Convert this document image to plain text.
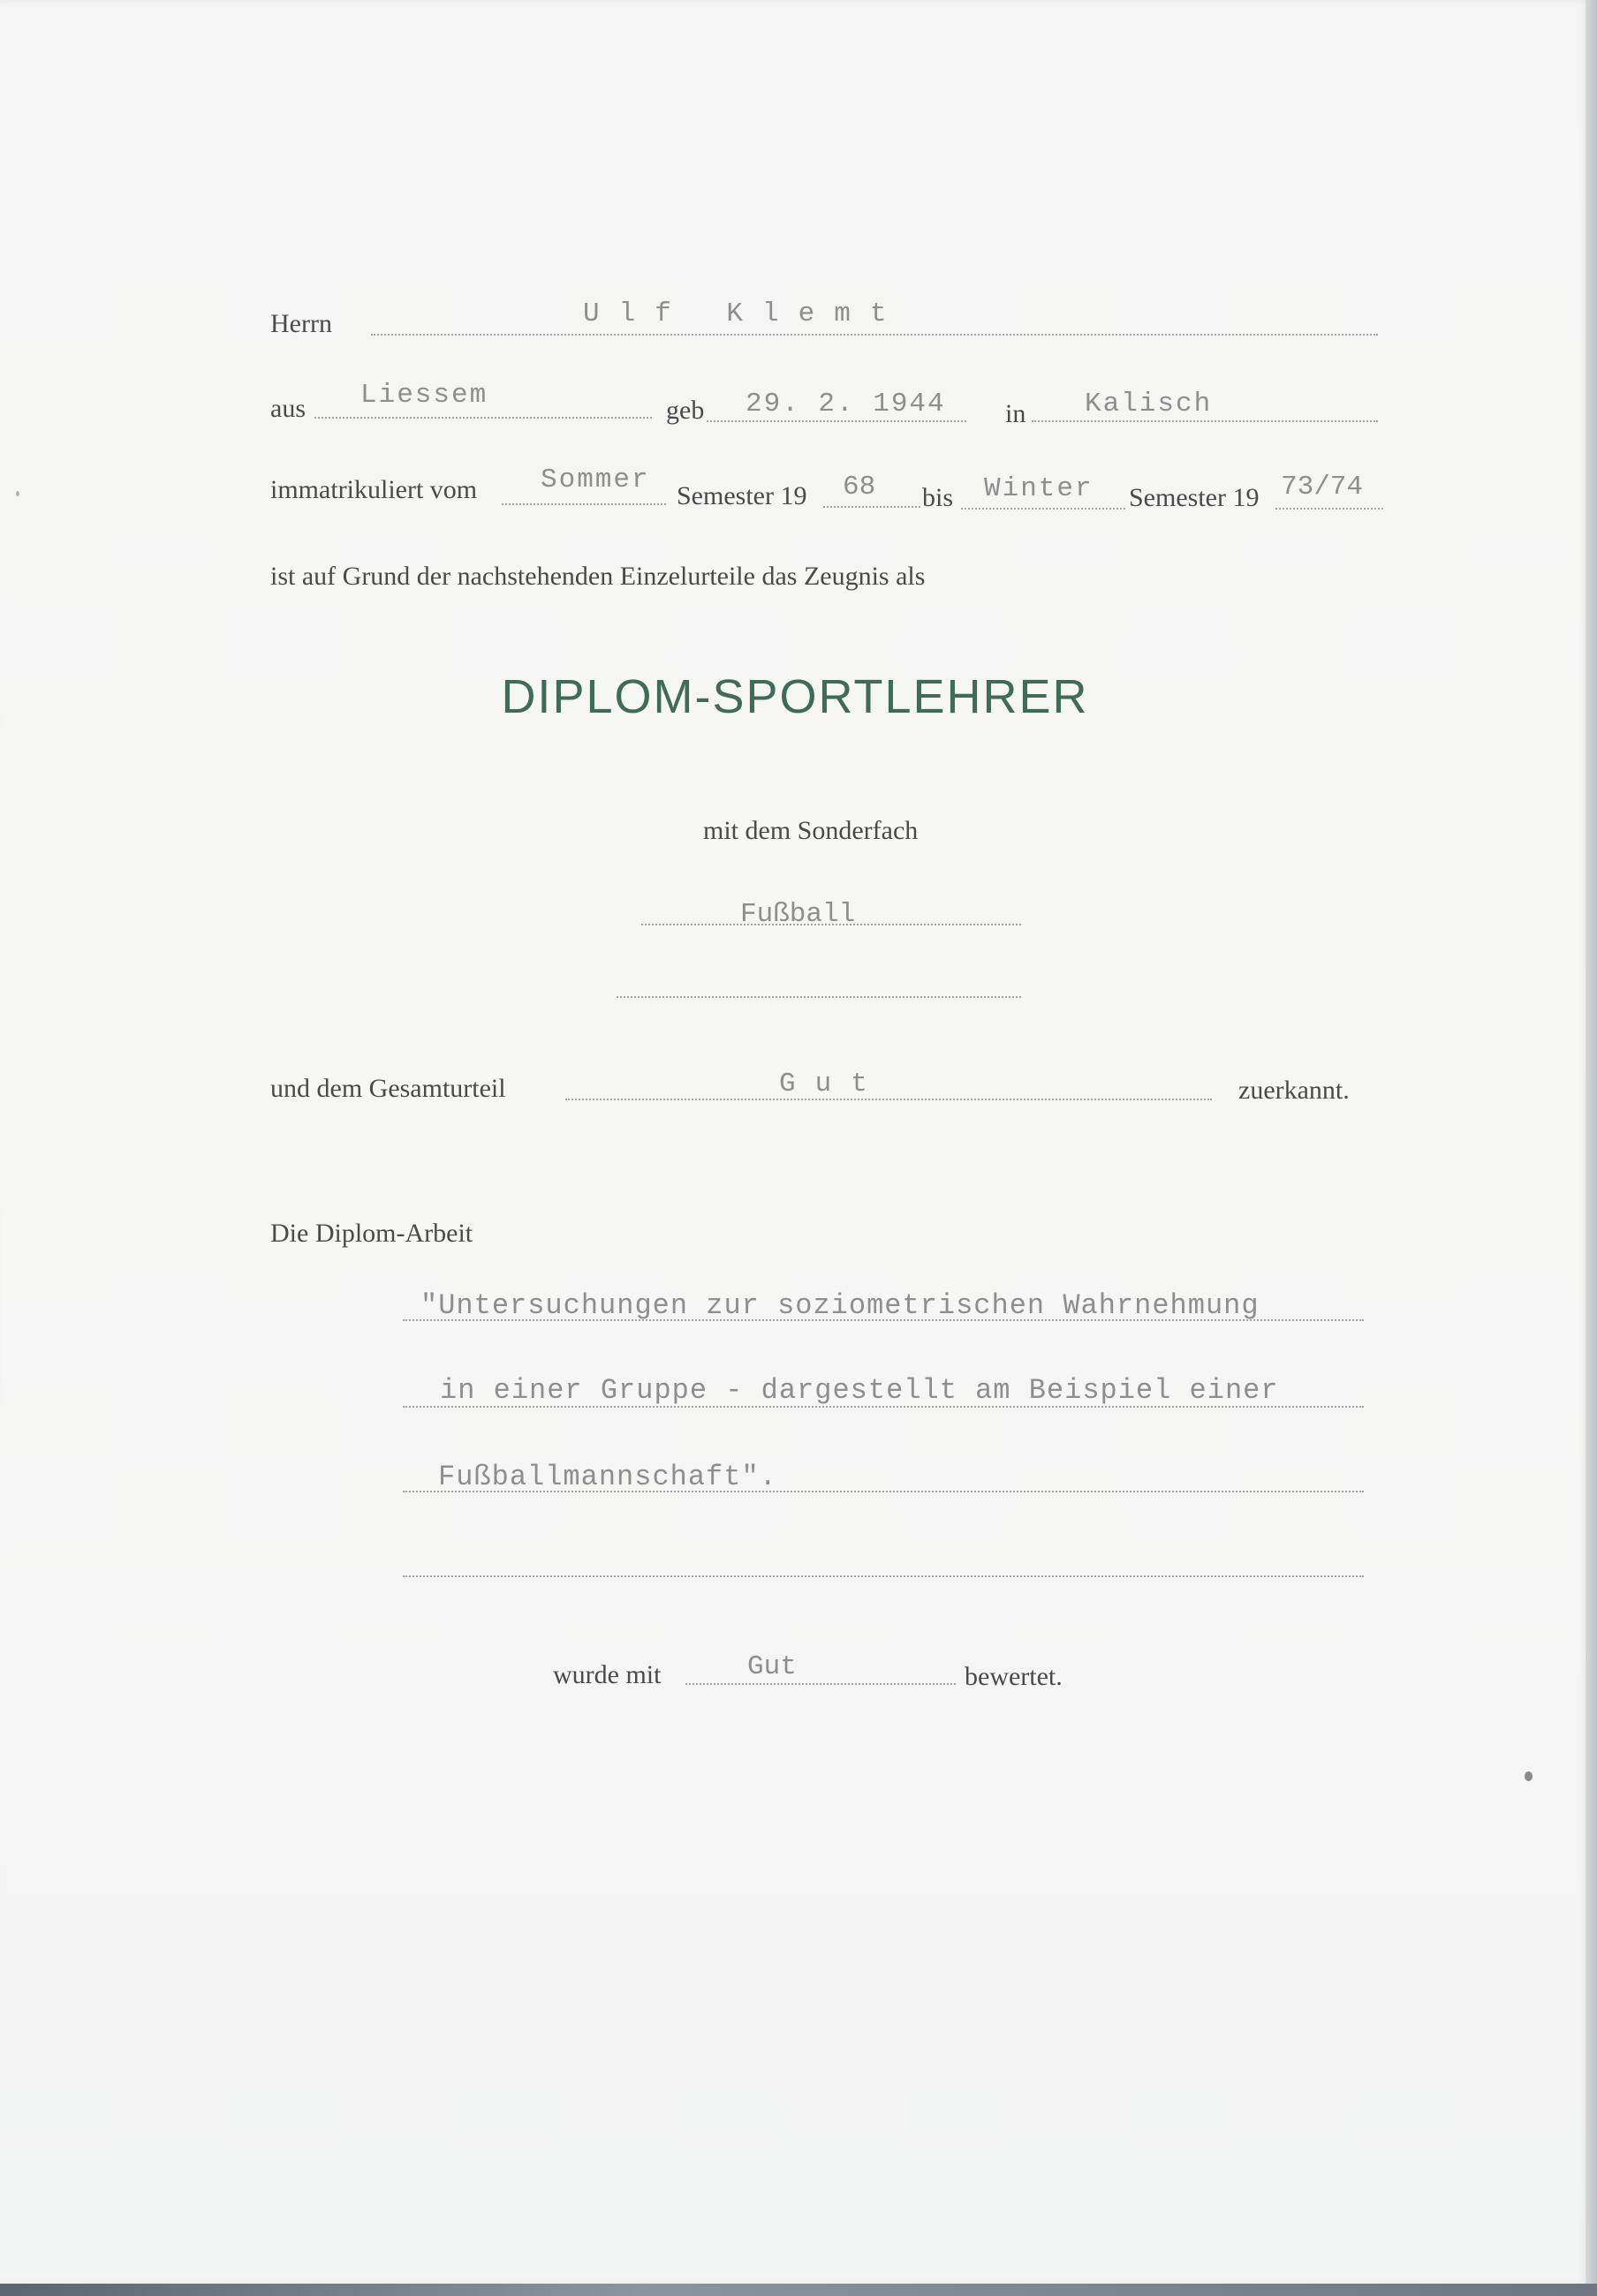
Herrn	Ulf Klemt
aus Liessem	geb 29. 2. 1944 in Kalisch
immatrikuliert vom Sommer
Semester 19 68 bis Winter Semester 19 73/74
ist auf Grund der nachstehenden Einzelurteile das Zeugnis als
DIPLOM-SPORTLEHRER
mit dem Sonderfach
Fußball
und dem Gesamturteil	Gut	zuerkannt.
Die Diplom-Arbeit
"Untersuchungen zur soziometrischen Wahrnehmung
in einer Gruppe - dargestellt am Beispiel einer
Fußballmannschaft".
wurde mit	Gut	bewertet.
